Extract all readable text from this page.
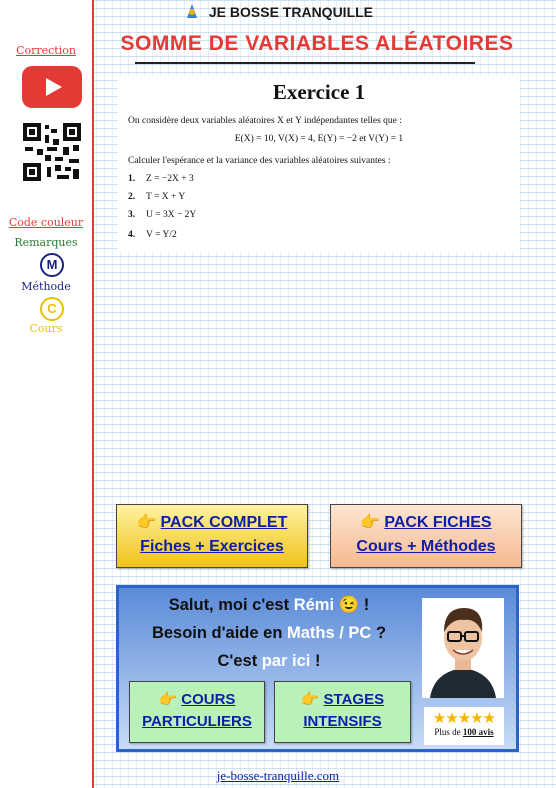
JE BOSSE TRANQUILLE
SOMME DE VARIABLES ALÉATOIRES
Correction
Code couleur
Remarques
M
Méthode
C
Cours
Exercice 1
On considère deux variables aléatoires X et Y indépendantes telles que :
E(X) = 10, V(X) = 4, E(Y) = −2 et V(Y) = 1
Calculer l'espérance et la variance des variables aléatoires suivantes :
1. Z = −2X + 3
2. T = X + Y
3. U = 3X − 2Y
4. V = Y/2
👉 PACK COMPLET
Fiches + Exercices
👉 PACK FICHES
Cours + Méthodes
Salut, moi c'est Rémi 😉 !
Besoin d'aide en Maths / PC ?
C'est par ici !
★★★★★
Plus de 100 avis
👉 COURS
PARTICULIERS
👉 STAGES
INTENSIFS
je-bosse-tranquille.com
